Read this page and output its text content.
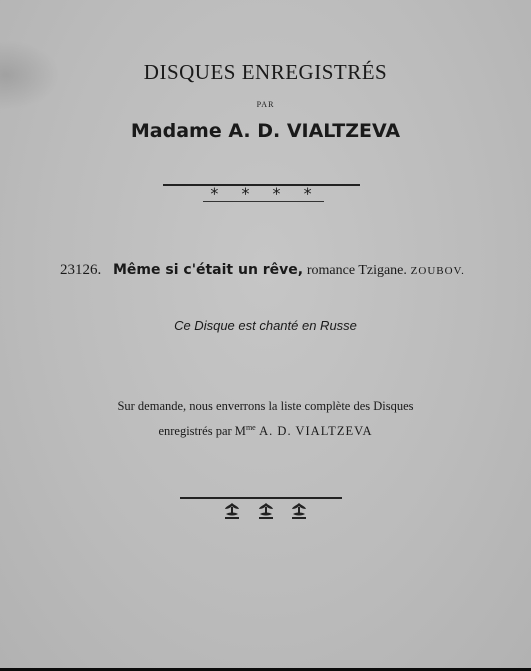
DISQUES ENREGISTRÉS
PAR
Madame A. D. VIALTZEVA
* * * *
23126. Même si c'était un rêve, romance Tzigane. ZOUBOV.
Ce Disque est chanté en Russe
Sur demande, nous enverrons la liste complète des Disques
enregistrés par $M^{me}$ A. D. VIALTZEVA
